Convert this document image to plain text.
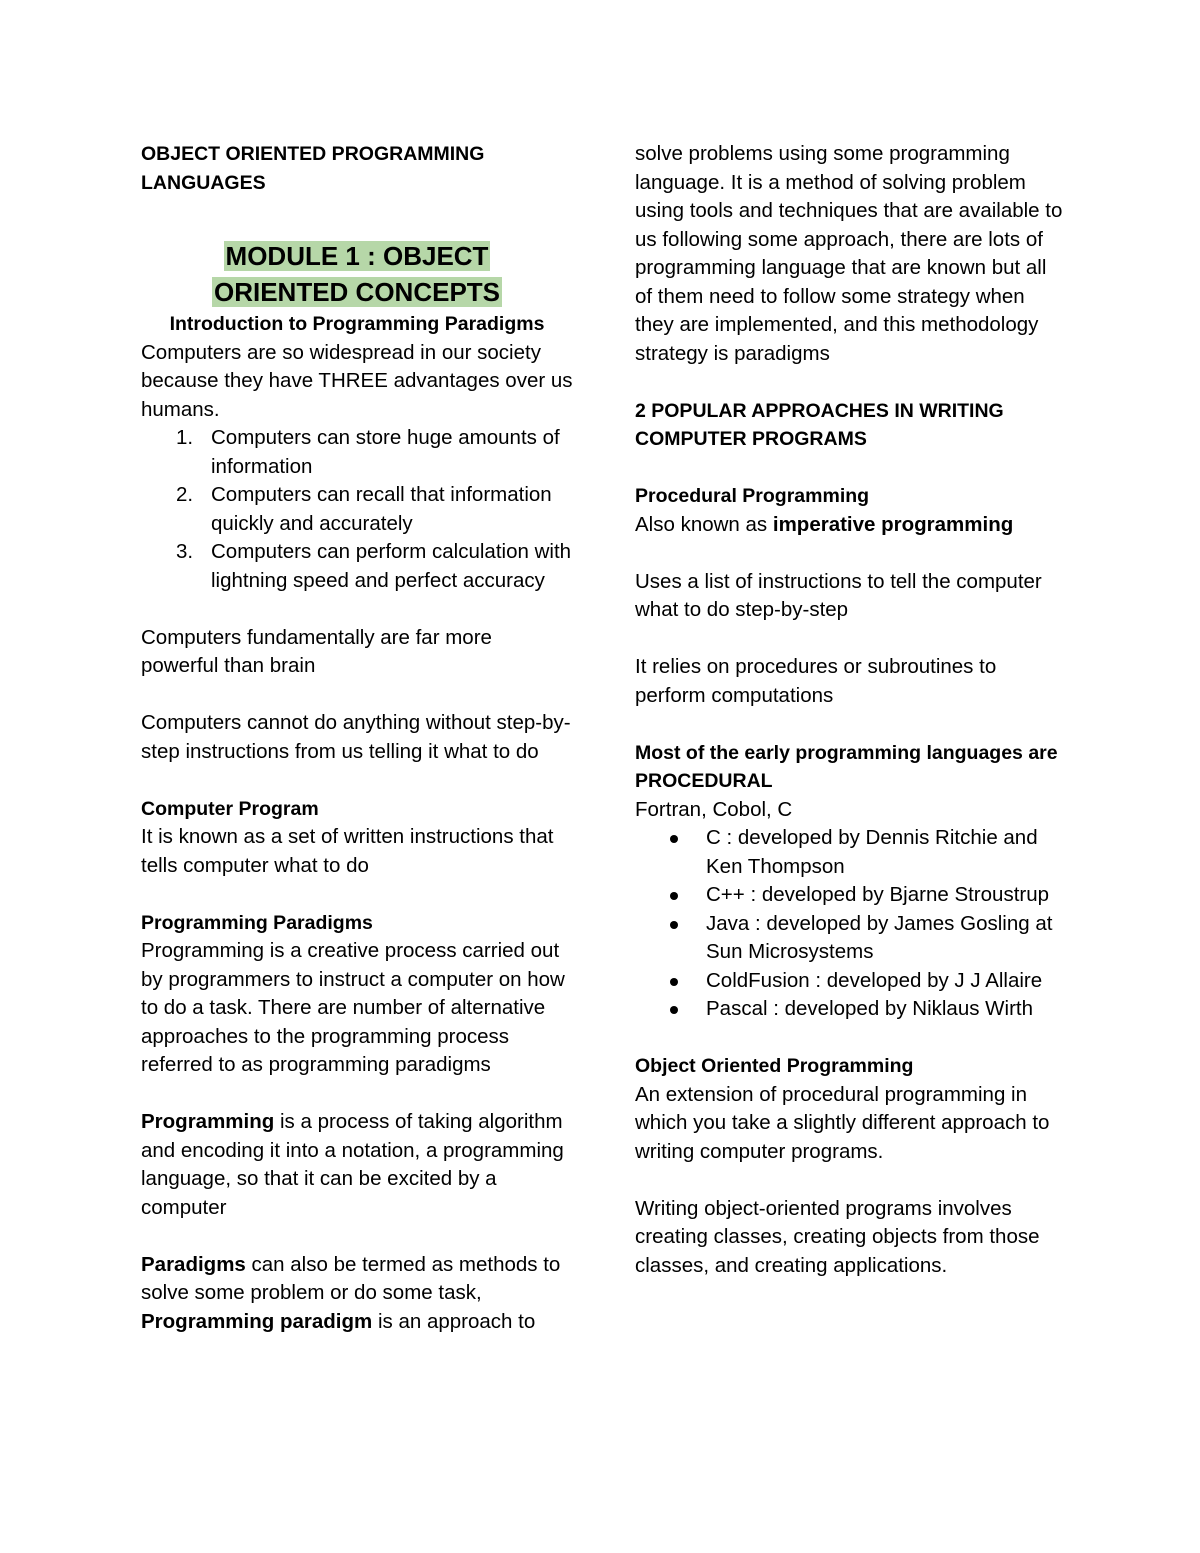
OBJECT ORIENTED PROGRAMMING LANGUAGES

MODULE 1 : OBJECT
ORIENTED CONCEPTS

Introduction to Programming Paradigms

Computers are so widespread in our society because they have THREE advantages over us humans.

1. Computers can store huge amounts of information
2. Computers can recall that information quickly and accurately
3. Computers can perform calculation with lightning speed and perfect accuracy

Computers fundamentally are far more powerful than brain

Computers cannot do anything without step-by-step instructions from us telling it what to do

Computer Program

It is known as a set of written instructions that tells computer what to do

Programming Paradigms

Programming is a creative process carried out by programmers to instruct a computer on how to do a task. There are number of alternative approaches to the programming process referred to as programming paradigms

Programming is a process of taking algorithm and encoding it into a notation, a programming language, so that it can be excited by a computer

Paradigms can also be termed as methods to solve some problem or do some task, Programming paradigm is an approach to

solve problems using some programming language. It is a method of solving problem using tools and techniques that are available to us following some approach, there are lots of programming language that are known but all of them need to follow some strategy when they are implemented, and this methodology strategy is paradigms

2 POPULAR APPROACHES IN WRITING COMPUTER PROGRAMS

Procedural Programming

Also known as imperative programming

Uses a list of instructions to tell the computer what to do step-by-step

It relies on procedures or subroutines to perform computations

Most of the early programming languages are PROCEDURAL

Fortran, Cobol, C

C : developed by Dennis Ritchie and Ken Thompson
C++ : developed by Bjarne Stroustrup
Java : developed by James Gosling at Sun Microsystems
ColdFusion : developed by J J Allaire
Pascal : developed by Niklaus Wirth

Object Oriented Programming

An extension of procedural programming in which you take a slightly different approach to writing computer programs.

Writing object-oriented programs involves creating classes, creating objects from those classes, and creating applications.
